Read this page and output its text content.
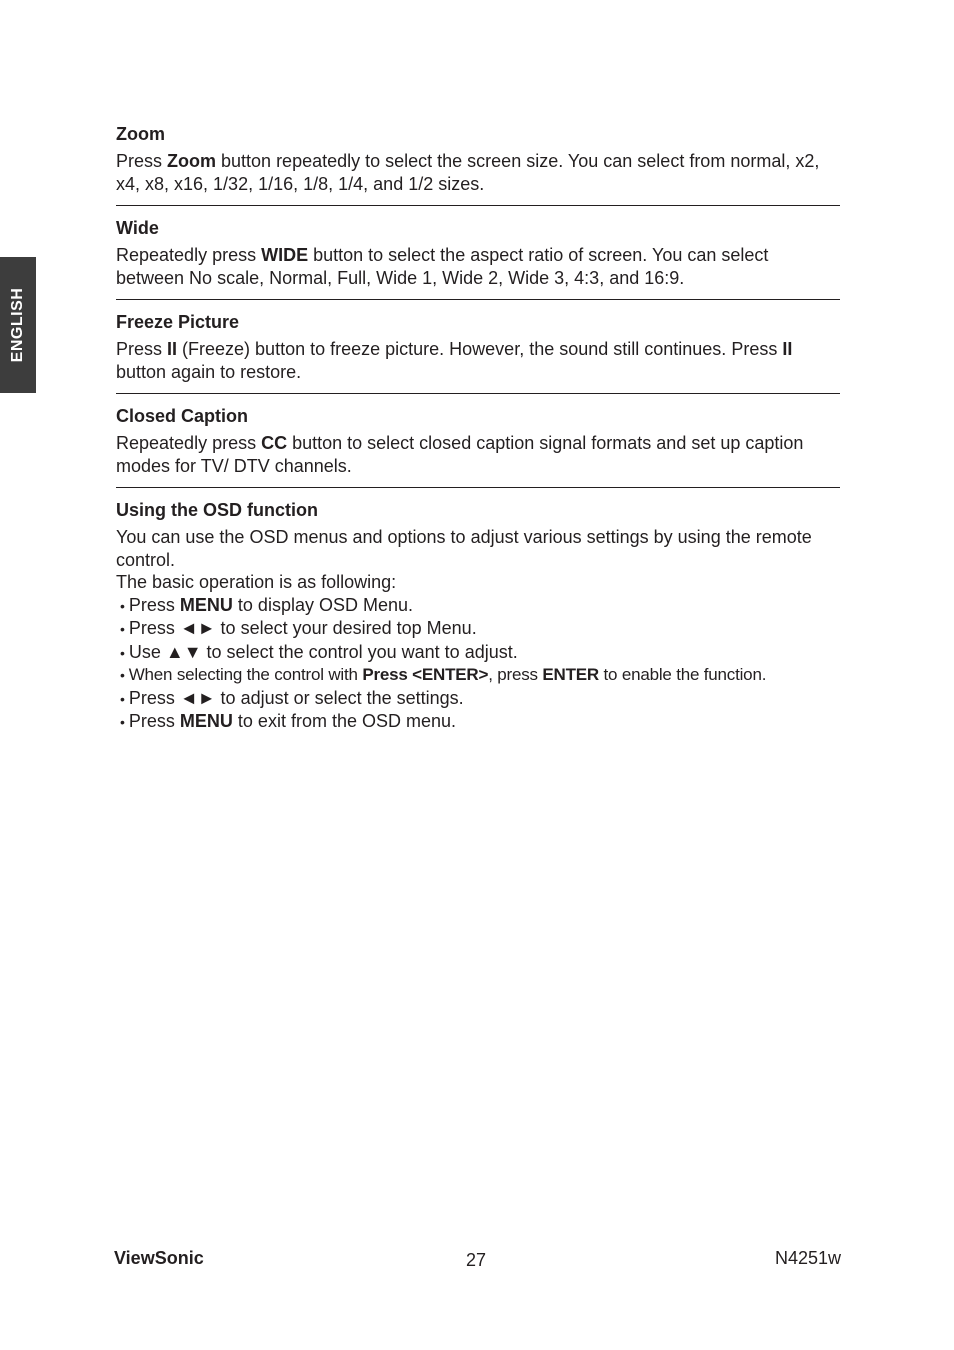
ENGLISH
Zoom

Press Zoom button repeatedly to select the screen size. You can select from normal, x2, x4, x8, x16, 1/32, 1/16, 1/8, 1/4, and 1/2 sizes.

Wide

Repeatedly press WIDE button to select the aspect ratio of screen. You can select between No scale, Normal, Full, Wide 1, Wide 2, Wide 3, 4:3, and 16:9.

Freeze Picture

Press II (Freeze) button to freeze picture. However, the sound still continues. Press II button again to restore.

Closed Caption

Repeatedly press CC button to select closed caption signal formats and set up caption modes for TV/ DTV channels.

Using the OSD function

You can use the OSD menus and options to adjust various settings by using the remote control.

The basic operation is as following:

• Press MENU to display OSD Menu.
• Press ◄► to select your desired top Menu.
• Use ▲▼ to select the control you want to adjust.
• When selecting the control with Press <ENTER>, press ENTER to enable the function.
• Press ◄► to adjust or select the settings.
• Press MENU to exit from the OSD menu.
ViewSonic	27	N4251w
